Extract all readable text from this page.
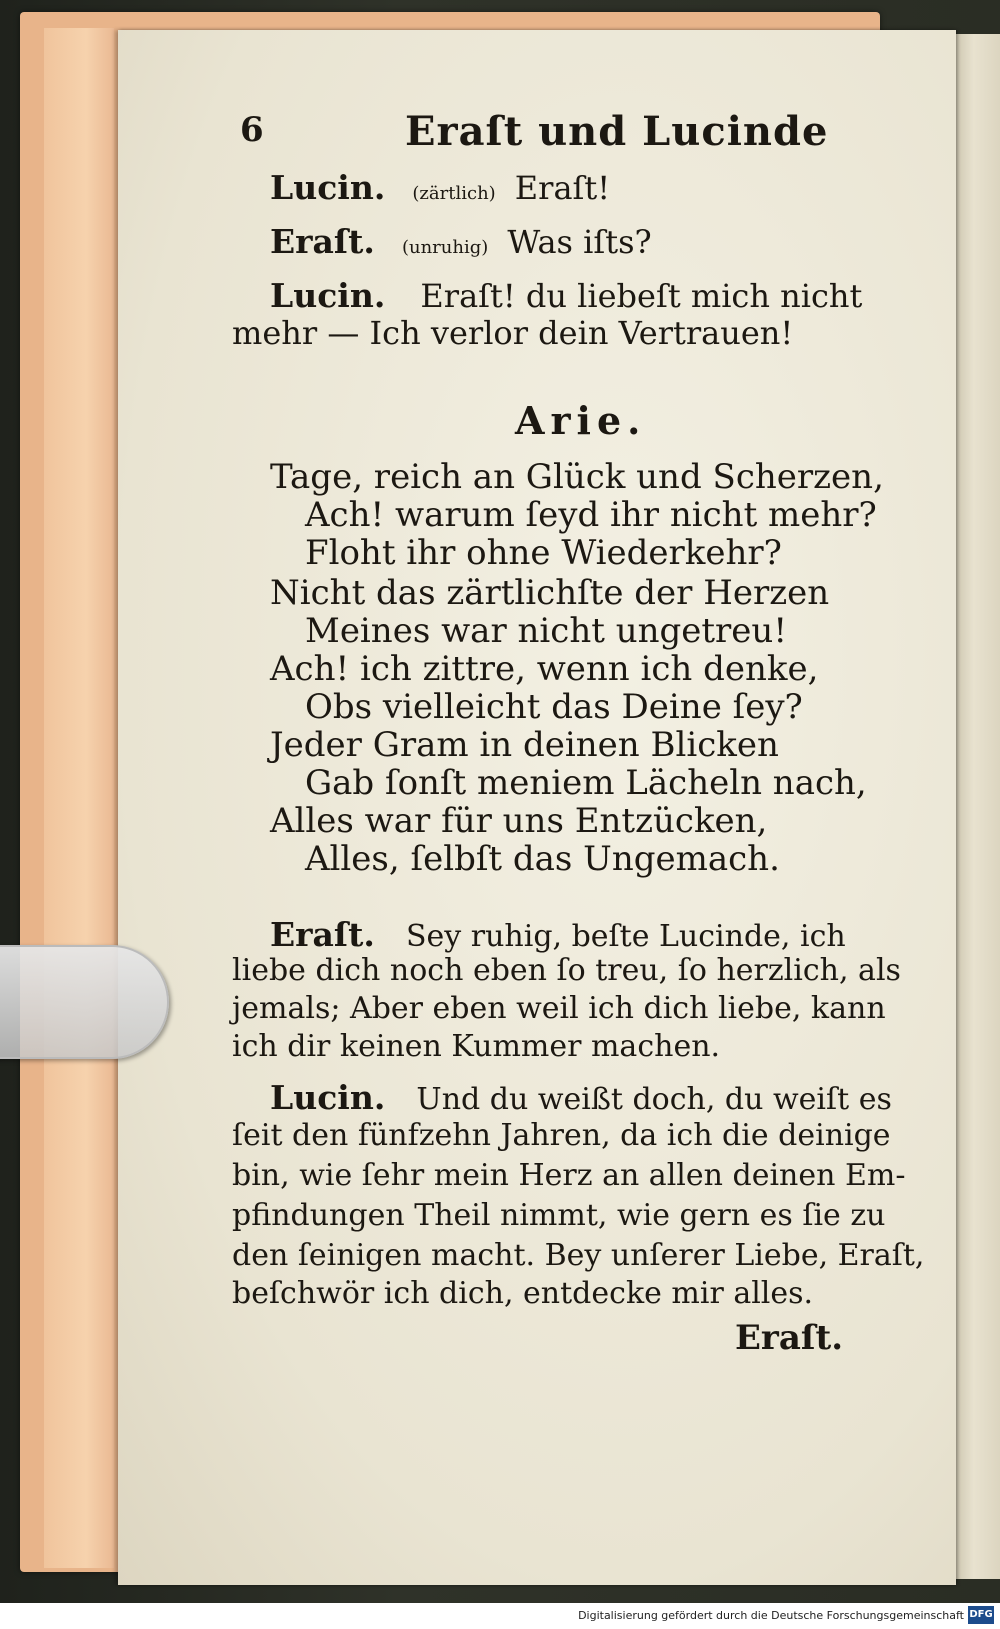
6	Eraſt und Lucinde
Lucin. (zärtlich) Eraſt!
Eraſt. (unruhig) Was iſts?
Lucin. Eraſt! du liebeſt mich nicht
mehr — Ich verlor dein Vertrauen!
Arie.
Tage, reich an Glück und Scherzen,
Ach! warum ſeyd ihr nicht mehr?
Floht ihr ohne Wiederkehr?
Nicht das zärtlichſte der Herzen
Meines war nicht ungetreu!
Ach! ich zittre, wenn ich denke,
Obs vielleicht das Deine ſey?
Jeder Gram in deinen Blicken
Gab ſonſt meniem Lächeln nach,
Alles war für uns Entzücken,
Alles, ſelbſt das Ungemach.
Eraſt. Sey ruhig, beſte Lucinde, ich
liebe dich noch eben ſo treu, ſo herzlich, als
jemals; Aber eben weil ich dich liebe, kann
ich dir keinen Kummer machen.
Lucin. Und du weißt doch, du weiſt es
ſeit den fünfzehn Jahren, da ich die deinige
bin, wie ſehr mein Herz an allen deinen Em-
pfindungen Theil nimmt, wie gern es ſie zu
den ſeinigen macht. Bey unſerer Liebe, Eraſt,
beſchwör ich dich, entdecke mir alles.
Eraſt.
Digitalisierung gefördert durch die Deutsche Forschungsgemeinschaft DFG
